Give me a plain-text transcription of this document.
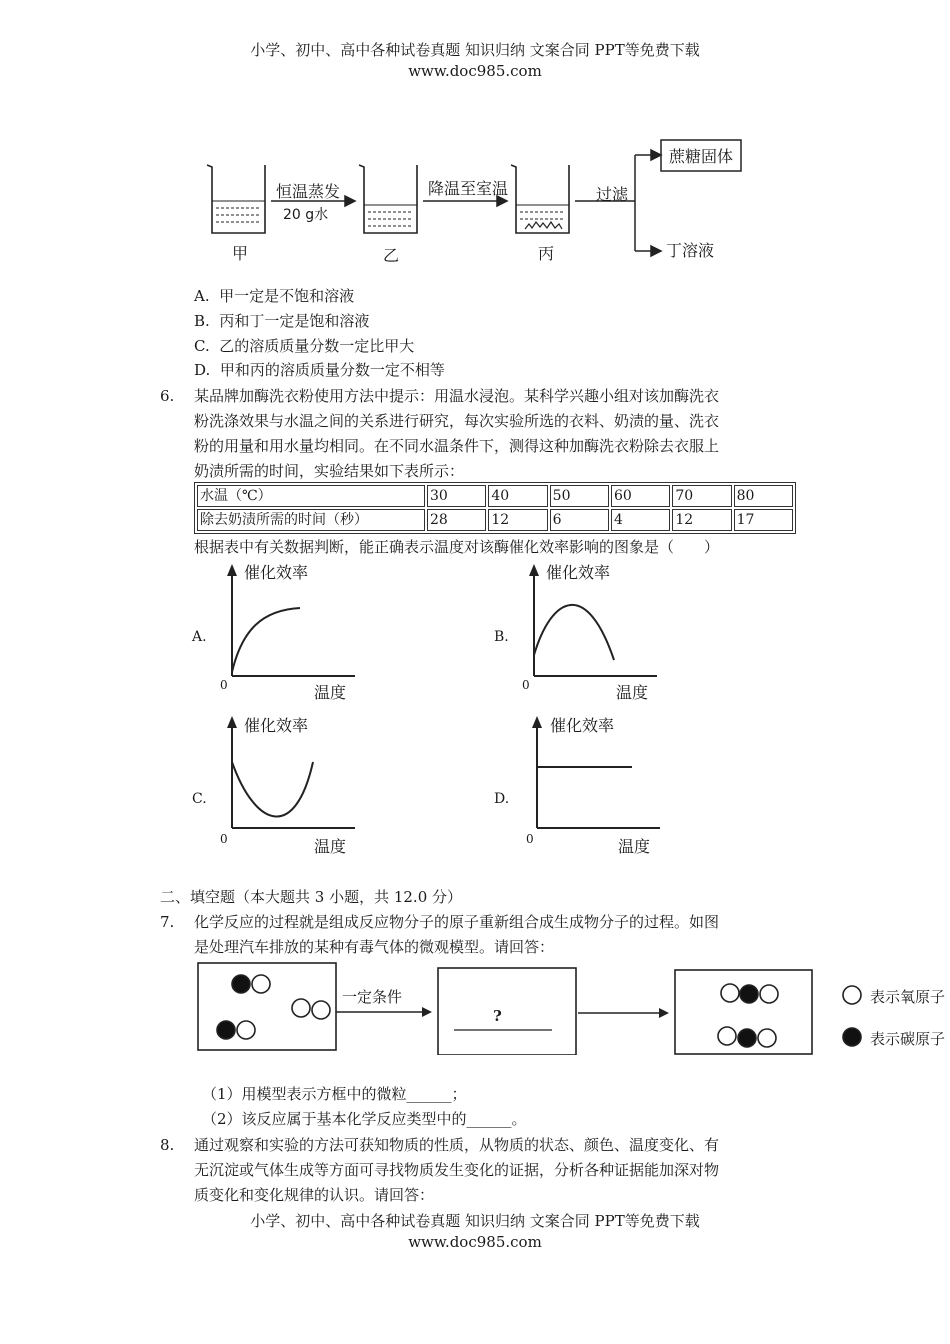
小学、初中、高中各种试卷真题 知识归纳 文案合同 PPT等免费下载
www.doc985.com
恒温蒸发
20 g水
降温至室温	过滤
蔗糖固体
丁溶液
甲	乙	丙
A. 甲一定是不饱和溶液
B. 丙和丁一定是饱和溶液
C. 乙的溶质质量分数一定比甲大
D. 甲和丙的溶质质量分数一定不相等
6. 某品牌加酶洗衣粉使用方法中提示：用温水浸泡。某科学兴趣小组对该加酶洗衣
粉洗涤效果与水温之间的关系进行研究，每次实验所选的衣料、奶渍的量、洗衣
粉的用量和用水量均相同。在不同水温条件下，测得这种加酶洗衣粉除去衣服上
奶渍所需的时间，实验结果如下表所示：
水温（℃）	30	40	50	60	70	80
除去奶渍所需的时间（秒）	28	12	6	4	12	17
根据表中有关数据判断，能正确表示温度对该酶催化效率影响的图象是（　　）
A.
催化效率
温度
0
B.
催化效率
温度
0
C.
催化效率
温度
0
D.
催化效率
温度
0
二、填空题（本大题共 3 小题，共 12.0 分）
7. 化学反应的过程就是组成反应物分子的原子重新组合成生成物分子的过程。如图
是处理汽车排放的某种有毒气体的微观模型。请回答：
一定条件
?
表示氧原子
表示碳原子
（1）用模型表示方框中的微粒______；
（2）该反应属于基本化学反应类型中的______。
8. 通过观察和实验的方法可获知物质的性质，从物质的状态、颜色、温度变化、有
无沉淀或气体生成等方面可寻找物质发生变化的证据，分析各种证据能加深对物
质变化和变化规律的认识。请回答：
小学、初中、高中各种试卷真题 知识归纳 文案合同 PPT等免费下载
www.doc985.com
